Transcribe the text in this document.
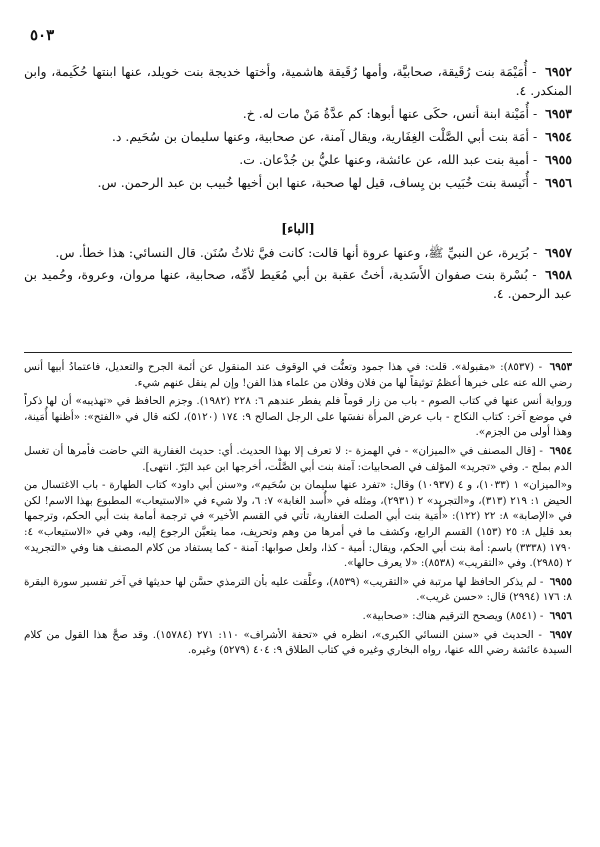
٥٠٣

٦٩٥٢ - أُمَيْمَة بنت رُقَيقة، صحابيَّة، وأمها رُقَيقة هاشمية، وأختها خديجة بنت خويلد، عنها ابنتها حُكَيمة، وابن المنكدر. ٤.

٦٩٥٣ - أُمَيْنة ابنة أنس، حكَى عنها أبوها: كم عدَّةُ مَنْ مات له. خ.

٦٩٥٤ - أمَة بنت أبي الصَّلْت الغِفَارية، ويقال آمنة، عن صحابية، وعنها سليمان بن سُحَيم. د.

٦٩٥٥ - أمية بنت عبد الله، عن عائشة، وعنها عليُّ بن جُدْعان. ت.

٦٩٥٦ - أُنَيسة بنت خُبَيب بن يِساف، قيل لها صحبة، عنها ابن أخيها خُبيب بن عبد الرحمن. س.

[الباء]

٦٩٥٧ - بُرَيرة، عن النبيِّ ﷺ، وعنها عروة أنها قالت: كانت فيَّ ثلاثُ سُنَن. قال النسائي: هذا خطأ. س.

٦٩٥٨ - بُسْرة بنت صفوان الأَسَدية، أختُ عقبة بن أبي مُعَيط لأمِّه، صحابية، عنها مروان، وعروة، وحُميد بن عبد الرحمن. ٤.

٦٩٥٣ - (٨٥٣٧): «مقبولة». قلت: في هذا جمود وتعنُّت في الوقوف عند المنقول عن أئمة الجرح والتعديل، فاعتمادُ أبيها أنس رضي الله عنه على خبرها أعظمُ توثيقاً لها من فلان وفلان من علماء هذا الفن! وإن لم ينقل عنهم شيء.

ورواية أنس عنها في كتاب الصوم - باب من زار قوماً فلم يفطر عندهم ٦: ٢٢٨ (١٩٨٢). وجزم الحافظ في «تهذيبه» أن لها ذكراً في موضع آخر: كتاب النكاح - باب عرض المرأة نفسَها على الرجل الصالح ٩: ١٧٤ (٥١٢٠)، لكنه قال في «الفتح»: «أظنها أُمَينة، وهذا أولى من الجزم».

٦٩٥٤ - [قال المصنف في «الميزان» - في الهمزة -: لا تعرف إلا بهذا الحديث. أي: حديث الغفارية التي حاضت فأمرها أن تغسل الدم بملح -. وفي «تجريد» المؤلف في الصحابيات: آمنة بنت أبي الصَّلْت، أخرجها ابن عبد البَرّ. انتهى].

و«الميزان» ١ (١٠٣٣)، و ٤ (١٠٩٣٧) وقال: «تفرد عنها سليمان بن سُحَيم»، و«سنن أبي داود» كتاب الطهارة - باب الاغتسال من الحيض ١: ٢١٩ (٣١٣)، و«التجريد» ٢ (٢٩٣١)، ومثله في «أُسد الغابة» ٧: ٦، ولا شيء في «الاستيعاب» المطبوع بهذا الاسم! لكن في «الإصابة» ٨: ٢٢ (١٢٢): «أُمَية بنت أبي الصلت الغفارية، تأتي في القسم الأخير» في ترجمة أمامة بنت أبي الحكم، وترجمها بعد قليل ٨: ٢٥ (١٥٣) القسم الرابع، وكشف ما في أمرها من وهم وتحريف، مما يتعيَّن الرجوع إليه، وهي في «الاستيعاب» ٤: ١٧٩٠ (٣٣٣٨) باسم: أمة بنت أبي الحكم، ويقال: أمية - كذا، ولعل صوابها: آمنة - كما يستفاد من كلام المصنف هنا وفي «التجريد» ٢ (٢٩٨٥). وفي «التقريب» (٨٥٣٨): «لا يعرف حالها».

٦٩٥٥ - لم يذكر الحافظ لها مرتبة في «التقريب» (٨٥٣٩)، وعلَّقت عليه بأن الترمذي حسَّن لها حديثها في آخر تفسير سورة البقرة ٨: ١٧٦ (٢٩٩٤) قال: «حسن غريب».

٦٩٥٦ - (٨٥٤١) ويصحح الترقيم هناك: «صحابية».

٦٩٥٧ - الحديث في «سنن النسائي الكبرى»، انظره في «تحفة الأشراف» ١١٠: ٢٧١ (١٥٧٨٤). وقد صحَّ هذا القول من كلام السيدة عائشة رضي الله عنها، رواه البخاري وغيره في كتاب الطلاق ٩: ٤٠٤ (٥٢٧٩) وغيره.
